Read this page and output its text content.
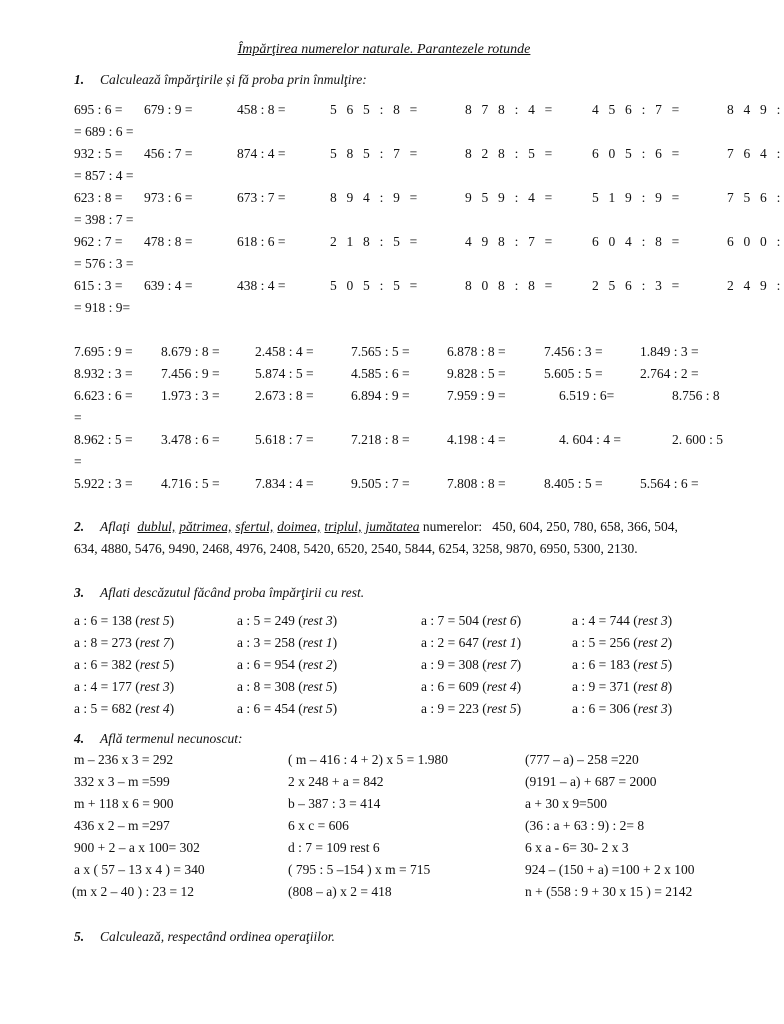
Împărţirea numerelor naturale. Parantezele rotunde
1. Calculează împărţirile și fă proba prin înmulţire:
695 : 6 = 679 : 9 =	458 : 8 =	5 6 5 : 8 =	8 7 8 : 4 =	4 5 6 : 7 =	8 4 9 :
= 689 : 6 =
932 : 5 = 456 : 7 =	874 : 4 =	5 8 5 : 7 =	8 2 8 : 5 =	6 0 5 : 6 =	7 6 4 :
= 857 : 4 =
623 : 8 = 973 : 6 =	673 : 7 =	8 9 4 : 9 =	9 5 9 : 4 =	5 1 9 : 9 =	7 5 6 :
= 398 : 7 =
962 : 7 = 478 : 8 =	618 : 6 =	2 1 8 : 5 =	4 9 8 : 7 =	6 0 4 : 8 =	6 0 0 :
= 576 : 3 =
615 : 3 = 639 : 4 =	438 : 4 =	5 0 5 : 5 =	8 0 8 : 8 =	2 5 6 : 3 =	2 4 9 :
= 918 : 9=
7.695 : 9 = 8.679 : 8 =	2.458 : 4 =	7.565 : 5 =	6.878 : 8 =	7.456 : 3 =	1.849 : 3 =
8.932 : 3 = 7.456 : 9 =	5.874 : 5 =	4.585 : 6 =	9.828 : 5 =	5.605 : 5 =	2.764 : 2 =
6.623 : 6 = 1.973 : 3 =	2.673 : 8 =	6.894 : 9 =	7.959 : 9 =	6.519 : 6=	8.756 : 8
8.962 : 5 = 3.478 : 6 =	5.618 : 7 =	7.218 : 8 =	4.198 : 4 =	4. 604 : 4 =	2. 600 : 5
5.922 : 3 = 4.716 : 5 =	7.834 : 4 =	9.505 : 7 =	7.808 : 8 =	8.405 : 5 =	5.564 : 6 =
=
=
2. Aflaţi dublul, pătrimea, sfertul, doimea, triplul, jumătatea numerelor: 450, 604, 250, 780, 658, 366, 504,
634, 4880, 5476, 9490, 2468, 4976, 2408, 5420, 6520, 2540, 5844, 6254, 3258, 9870, 6950, 5300, 2130.
3. Aflati descăzutul făcând proba împărţirii cu rest.
a : 6 = 138 (rest 5)	a : 5 = 249 (rest 3)	a : 7 = 504 (rest 6)	a : 4 = 744 (rest 3)
a : 8 = 273 (rest 7)	a : 3 = 258 (rest 1)	a : 2 = 647 (rest 1)	a : 5 = 256 (rest 2)
a : 6 = 382 (rest 5)	a : 6 = 954 (rest 2)	a : 9 = 308 (rest 7)	a : 6 = 183 (rest 5)
a : 4 = 177 (rest 3)	a : 8 = 308 (rest 5)	a : 6 = 609 (rest 4)	a : 9 = 371 (rest 8)
a : 5 = 682 (rest 4)	a : 6 = 454 (rest 5)	a : 9 = 223 (rest 5)	a : 6 = 306 (rest 3)
4. Află termenul necunoscut:
m – 236 x 3 = 292	( m – 416 : 4 + 2) x 5 = 1.980	(777 – a) – 258 =220
332 x 3 – m =599	2 x 248 + a = 842	(9191 – a) + 687 = 2000
m + 118 x 6 = 900	b – 387 : 3 = 414	a + 30 x 9=500
436 x 2 – m =297	6 x c = 606	(36 : a + 63 : 9) : 2= 8
900 + 2 – a x 100= 302	d : 7 = 109 rest 6	6 x a - 6= 30- 2 x 3
a x ( 57 – 13 x 4 ) = 340	( 795 : 5 –154 ) x m = 715	924 – (150 + a) =100 + 2 x 100
(m x 2 – 40 ) : 23 = 12	(808 – a) x 2 = 418	n + (558 : 9 + 30 x 15 ) = 2142
5. Calculează, respectând ordinea operaţiilor.
